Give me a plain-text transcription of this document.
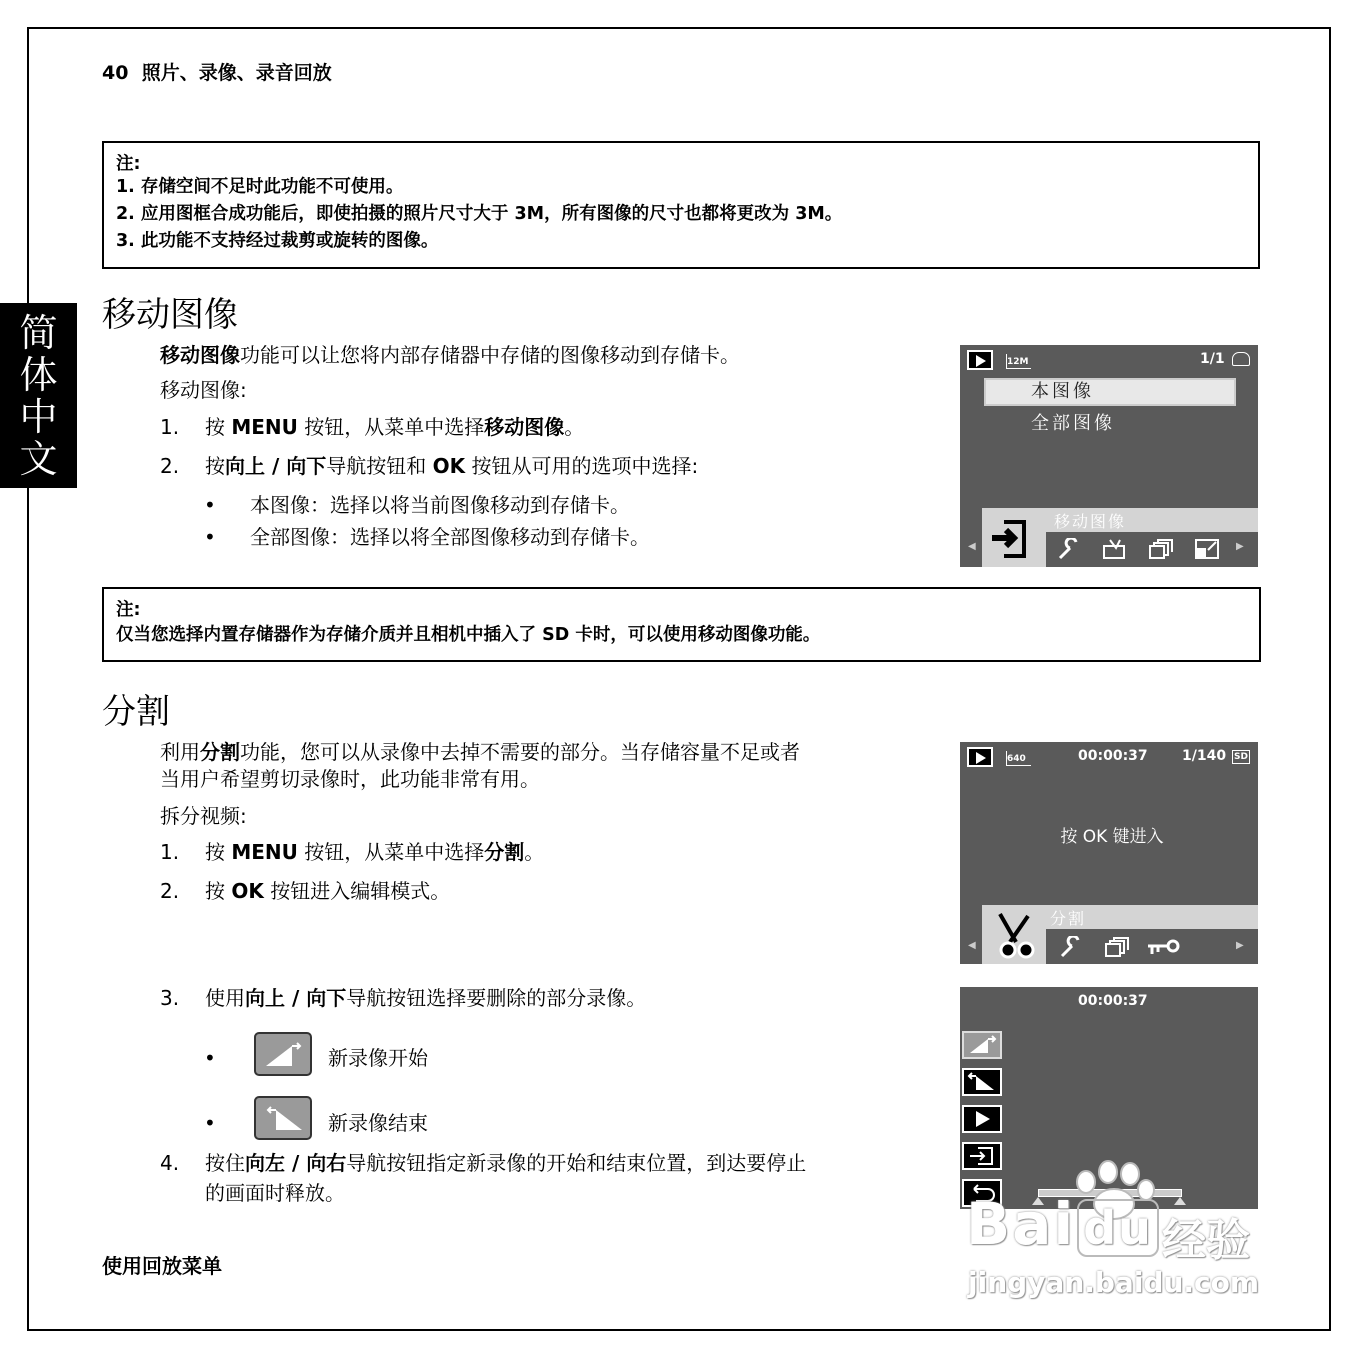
40 照片、录像、录音回放
简
体
中
文
注:
1. 存储空间不足时此功能不可使用。
2. 应用图框合成功能后，即使拍摄的照片尺寸大于 3M，所有图像的尺寸也都将更改为 3M。
3. 此功能不支持经过裁剪或旋转的图像。
移动图像
移动图像功能可以让您将内部存储器中存储的图像移动到存储卡。
移动图像:
1. 按 MENU 按钮，从菜单中选择移动图像。
2. 按向上 / 向下导航按钮和 OK 按钮从可用的选项中选择:
• 本图像：选择以将当前图像移动到存储卡。
• 全部图像：选择以将全部图像移动到存储卡。
12M	1/1
本图像
全部图像
移动图像
◀	▶
注:
仅当您选择内置存储器作为存储介质并且相机中插入了 SD 卡时，可以使用移动图像功能。
分割
利用分割功能，您可以从录像中去掉不需要的部分。当存储容量不足或者
当用户希望剪切录像时，此功能非常有用。
拆分视频:
1. 按 MENU 按钮，从菜单中选择分割。
2. 按 OK 按钮进入编辑模式。
3. 使用向上 / 向下导航按钮选择要删除的部分录像。
•	新录像开始
•	新录像结束
4. 按住向左 / 向右导航按钮指定新录像的开始和结束位置，到达要停止
的画面时释放。
使用回放菜单
640	00:00:37 1/140 SD
按 OK 键进入
分割
◀	▶
00:00:37
Bai du 经验
jingyan.baidu.com
